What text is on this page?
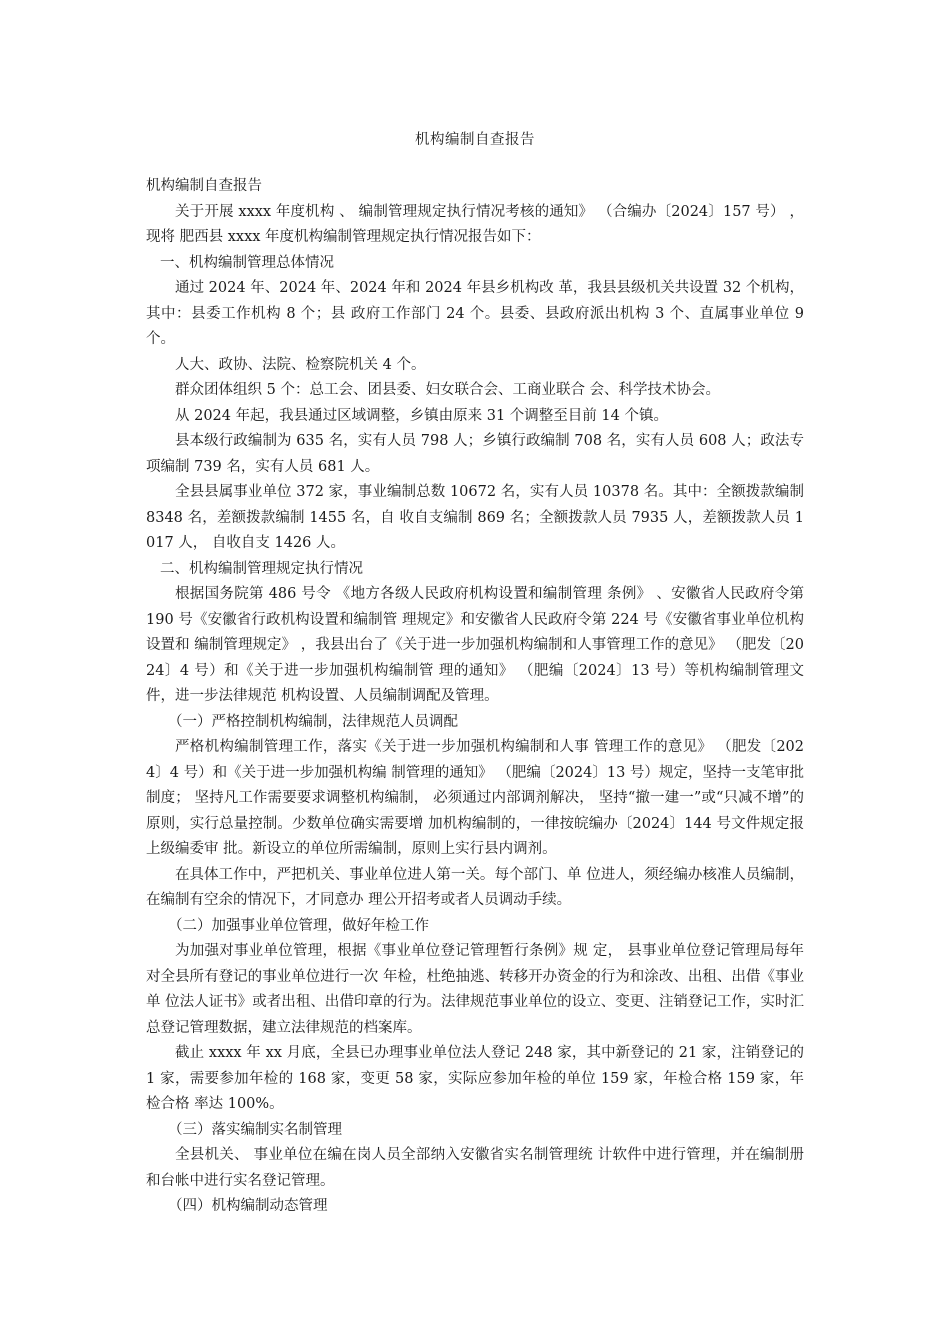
机构编制自查报告

机构编制自查报告

关于开展 xxxx 年度机构 、 编制管理规定执行情况考核的通知》 （合编办〔2024〕157 号） ，现将 肥西县 xxxx 年度机构编制管理规定执行情况报告如下：

一、机构编制管理总体情况

通过 2024 年、2024 年、2024 年和 2024 年县乡机构改 革，我县县级机关共设置 32 个机构，其中：县委工作机构 8 个；县 政府工作部门 24 个。县委、县政府派出机构 3 个、直属事业单位 9 个。

人大、政协、法院、检察院机关 4 个。

群众团体组织 5 个：总工会、团县委、妇女联合会、工商业联合 会、科学技术协会。

从 2024 年起，我县通过区域调整，乡镇由原来 31 个调整至目前 14 个镇。

县本级行政编制为 635 名，实有人员 798 人；乡镇行政编制 708 名，实有人员 608 人；政法专项编制 739 名，实有人员 681 人。

全县县属事业单位 372 家，事业编制总数 10672 名，实有人员 10378 名。其中：全额拨款编制 8348 名，差额拨款编制 1455 名，自 收自支编制 869 名；全额拨款人员 7935 人，差额拨款人员 1017 人， 自收自支 1426 人。

二、机构编制管理规定执行情况

根据国务院第 486 号令 《地方各级人民政府机构设置和编制管理 条例》 、安徽省人民政府令第 190 号《安徽省行政机构设置和编制管 理规定》和安徽省人民政府令第 224 号《安徽省事业单位机构设置和 编制管理规定》 ，我县出台了《关于进一步加强机构编制和人事管理工作的意见》 （肥发〔2024〕4 号）和《关于进一步加强机构编制管 理的通知》 （肥编〔2024〕13 号）等机构编制管理文件，进一步法律规范 机构设置、人员编制调配及管理。

（一）严格控制机构编制，法律规范人员调配

严格机构编制管理工作，落实《关于进一步加强机构编制和人事 管理工作的意见》 （肥发〔2024〕4 号）和《关于进一步加强机构编 制管理的通知》 （肥编〔2024〕13 号）规定，坚持一支笔审批制度； 坚持凡工作需要要求调整机构编制， 必须通过内部调剂解决， 坚持“撤一建一”或“只减不增”的原则，实行总量控制。少数单位确实需要增 加机构编制的，一律按皖编办〔2024〕144 号文件规定报上级编委审 批。新设立的单位所需编制，原则上实行县内调剂。

在具体工作中，严把机关、事业单位进人第一关。每个部门、单 位进人，须经编办核准人员编制，在编制有空余的情况下，才同意办 理公开招考或者人员调动手续。

（二）加强事业单位管理，做好年检工作

为加强对事业单位管理，根据《事业单位登记管理暂行条例》规 定， 县事业单位登记管理局每年对全县所有登记的事业单位进行一次 年检，杜绝抽逃、转移开办资金的行为和涂改、出租、出借《事业单 位法人证书》或者出租、出借印章的行为。法律规范事业单位的设立、变更、注销登记工作，实时汇总登记管理数据，建立法律规范的档案库。

截止 xxxx 年 xx 月底，全县已办理事业单位法人登记 248 家，其中新登记的 21 家，注销登记的 1 家，需要参加年检的 168 家，变更 58 家，实际应参加年检的单位 159 家，年检合格 159 家，年检合格 率达 100%。

（三）落实编制实名制管理

全县机关、 事业单位在编在岗人员全部纳入安徽省实名制管理统 计软件中进行管理，并在编制册和台帐中进行实名登记管理。

（四）机构编制动态管理
